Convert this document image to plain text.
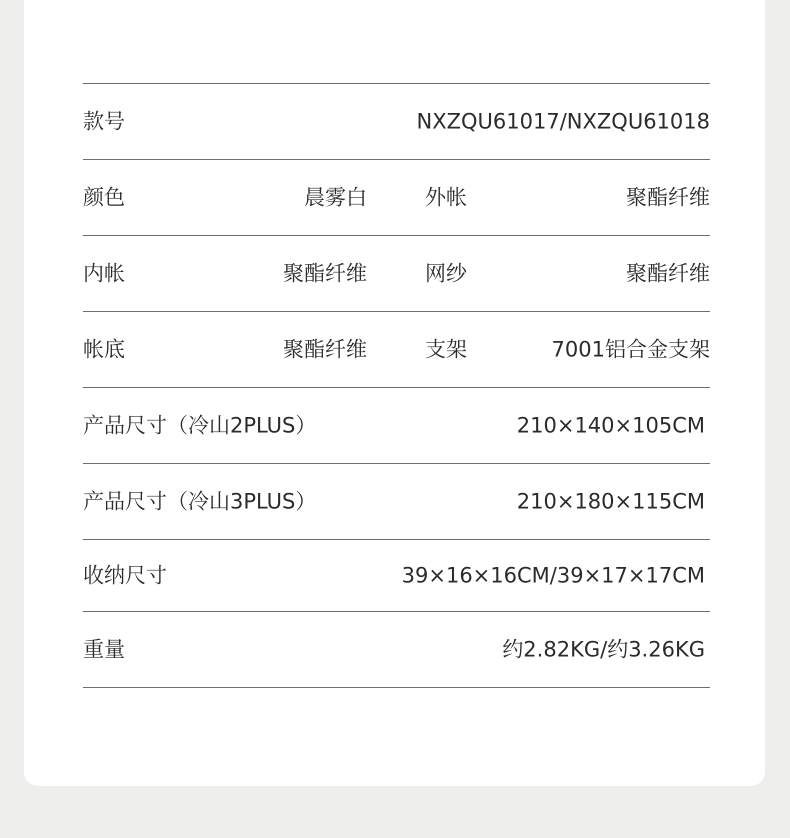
款号	NXZQU61017/NXZQU61018
颜色	晨雾白	外帐	聚酯纤维
内帐	聚酯纤维	网纱	聚酯纤维
帐底	聚酯纤维	支架	7001铝合金支架
产品尺寸（冷山2PLUS）	210×140×105CM
产品尺寸（冷山3PLUS）	210×180×115CM
收纳尺寸	39×16×16CM/39×17×17CM
重量	约2.82KG/约3.26KG
